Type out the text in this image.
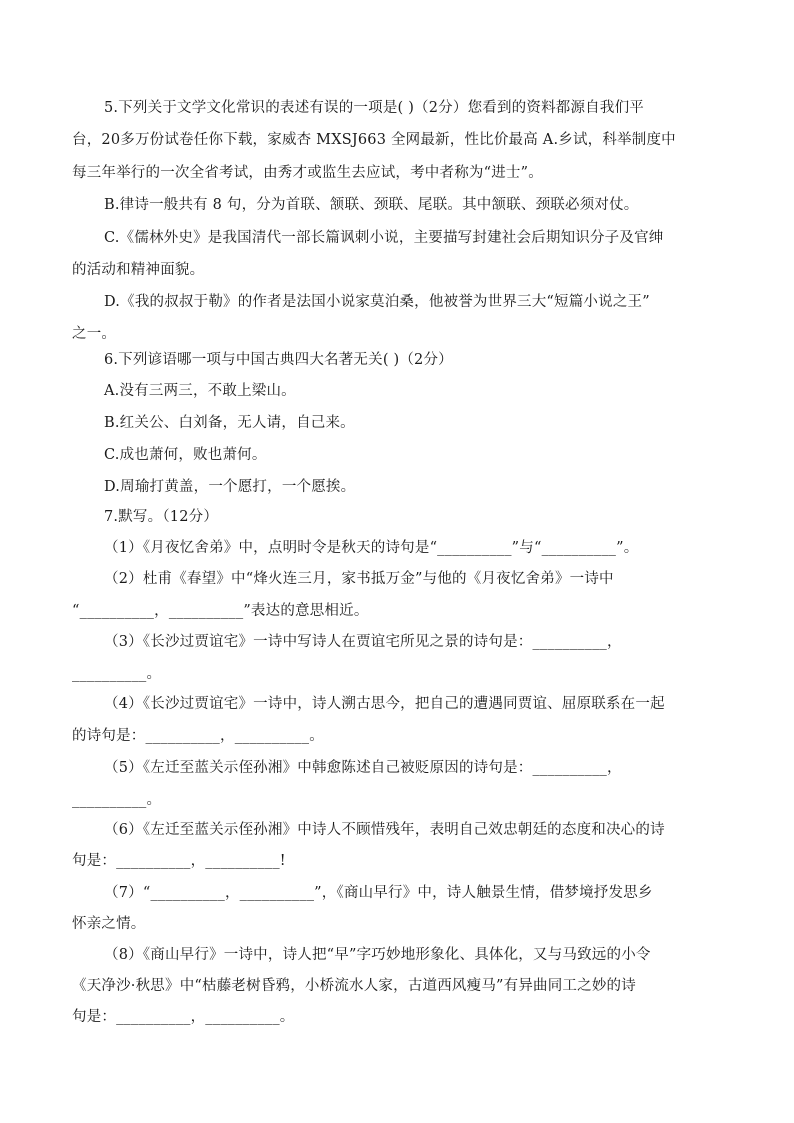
5.下列关于文学文化常识的表述有误的一项是( )（2分）您看到的资料都源自我们平
台，20多万份试卷任你下载，家威杏 MXSJ663 全网最新，性比价最高 A.乡试，科举制度中
每三年举行的一次全省考试，由秀才或监生去应试，考中者称为“进士”。
B.律诗一般共有 8 句，分为首联、颔联、颈联、尾联。其中颔联、颈联必须对仗。
C.《儒林外史》是我国清代一部长篇讽刺小说，主要描写封建社会后期知识分子及官绅
的活动和精神面貌。
D.《我的叔叔于勒》的作者是法国小说家莫泊桑，他被誉为世界三大“短篇小说之王”
之一。
6.下列谚语哪一项与中国古典四大名著无关( )（2分）
A.没有三两三，不敢上梁山。
B.红关公、白刘备，无人请，自己来。
C.成也萧何，败也萧何。
D.周瑜打黄盖，一个愿打，一个愿挨。
7.默写。（12分）
（1）《月夜忆舍弟》中，点明时令是秋天的诗句是“__________”与“__________”。
（2）杜甫《春望》中“烽火连三月，家书抵万金”与他的《月夜忆舍弟》一诗中
“__________，__________”表达的意思相近。
（3）《长沙过贾谊宅》一诗中写诗人在贾谊宅所见之景的诗句是：__________，
__________。
（4）《长沙过贾谊宅》一诗中，诗人溯古思今，把自己的遭遇同贾谊、屈原联系在一起
的诗句是：__________，__________。
（5）《左迁至蓝关示侄孙湘》中韩愈陈述自己被贬原因的诗句是：__________，
__________。
（6）《左迁至蓝关示侄孙湘》中诗人不顾惜残年，表明自己效忠朝廷的态度和决心的诗
句是：__________，__________!
（7）“__________，__________”，《商山早行》中，诗人触景生情，借梦境抒发思乡
怀亲之情。
（8）《商山早行》一诗中，诗人把“早”字巧妙地形象化、具体化，又与马致远的小令
《天净沙·秋思》中“枯藤老树昏鸦，小桥流水人家，古道西风瘦马”有异曲同工之妙的诗
句是：__________，__________。
